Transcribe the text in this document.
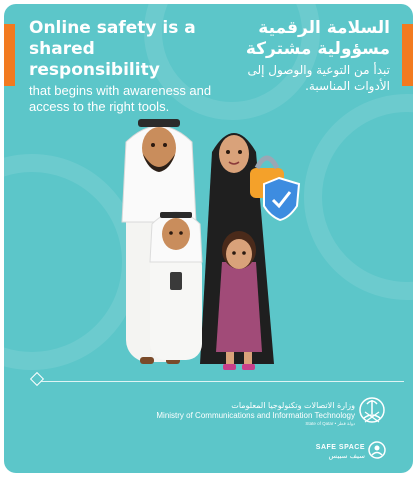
Online safety is a shared responsibility
that begins with awareness and access to the right tools.
السلامة الرقمية مسؤولية مشتركة
تبدأ من التوعية والوصول إلى الأدوات المناسبة.
وزارة الاتصالات وتكنولوجيا المعلومات
Ministry of Communications and Information Technology
State of Qatar • دولة قطر
SAFE SPACE
سيف سبيس
